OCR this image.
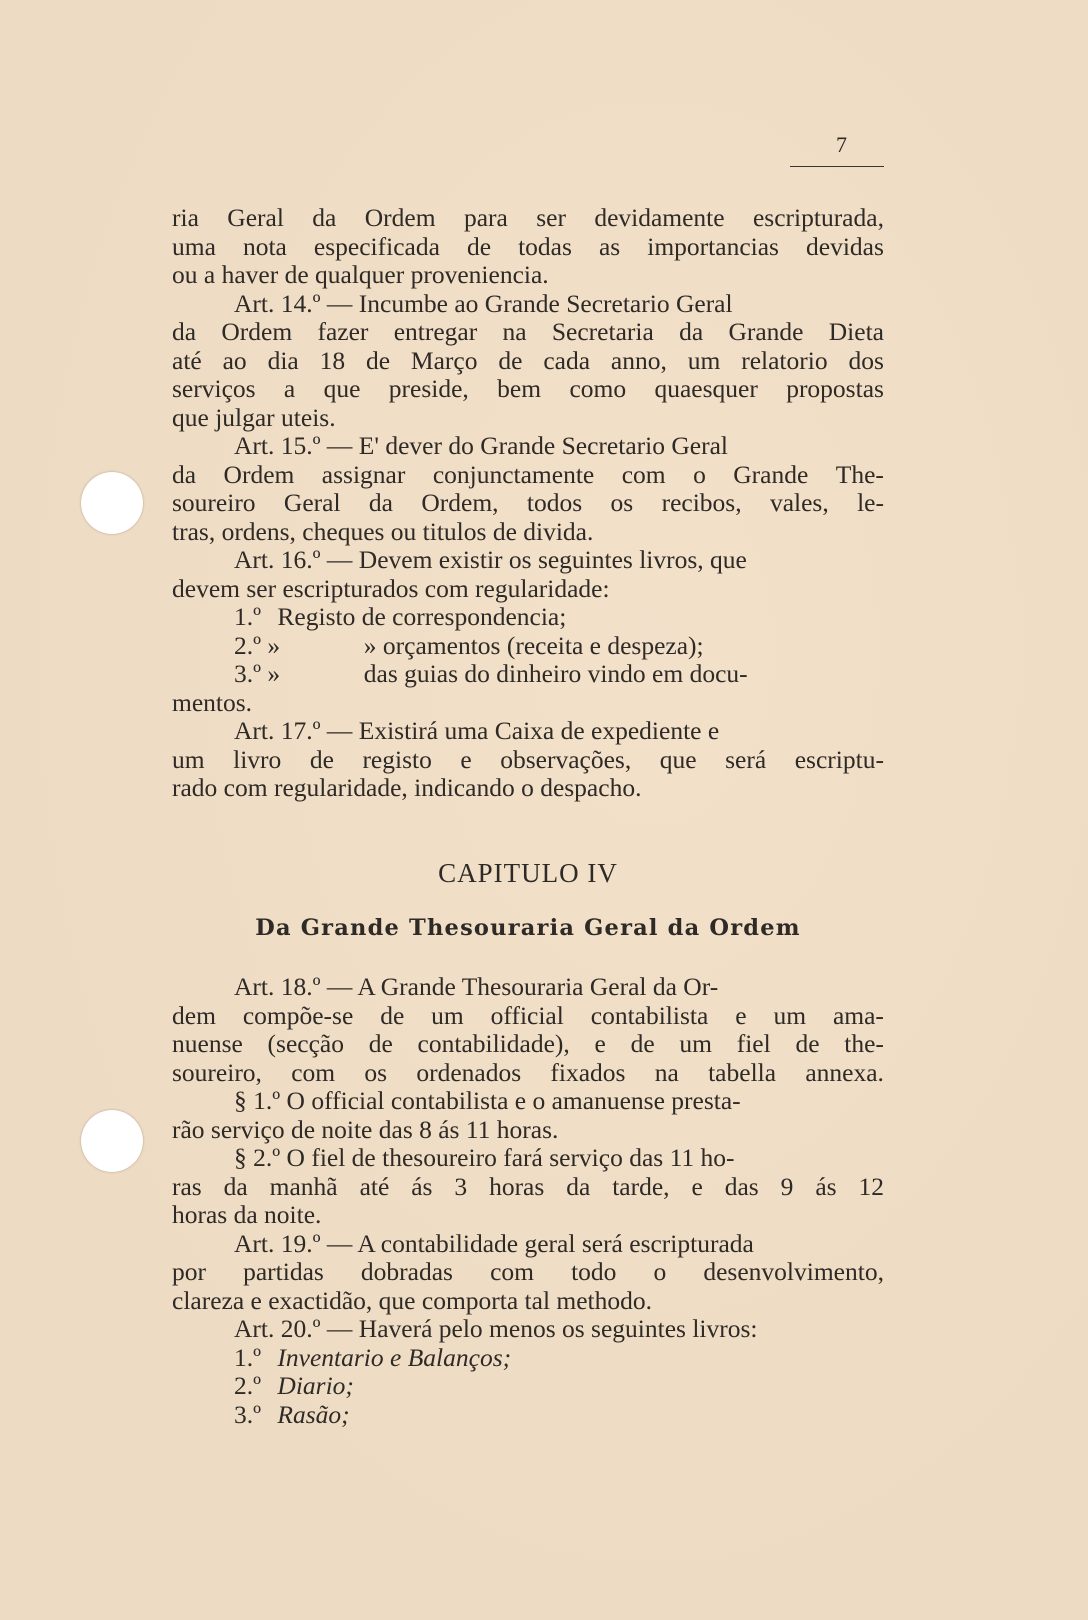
7
ria Geral da Ordem para ser devidamente escripturada,
uma nota especificada de todas as importancias devidas
ou a haver de qualquer proveniencia.
Art. 14.º — Incumbe ao Grande Secretario Geral
da Ordem fazer entregar na Secretaria da Grande Dieta
até ao dia 18 de Março de cada anno, um relatorio dos
serviços a que preside, bem como quaesquer propostas
que julgar uteis.
Art. 15.º — E' dever do Grande Secretario Geral
da Ordem assignar conjunctamente com o Grande The-
soureiro Geral da Ordem, todos os recibos, vales, le-
tras, ordens, cheques ou titulos de divida.
Art. 16.º — Devem existir os seguintes livros, que
devem ser escripturados com regularidade:
1.º Registo de correspondencia;
2.º »	» orçamentos (receita e despeza);
3.º »	das guias do dinheiro vindo em docu-
mentos.
Art. 17.º — Existirá uma Caixa de expediente e
um livro de registo e observações, que será escriptu-
rado com regularidade, indicando o despacho.
CAPITULO IV
Da Grande Thesouraria Geral da Ordem
Art. 18.º — A Grande Thesouraria Geral da Or-
dem compõe-se de um official contabilista e um ama-
nuense (secção de contabilidade), e de um fiel de the-
soureiro, com os ordenados fixados na tabella annexa.
§ 1.º O official contabilista e o amanuense presta-
rão serviço de noite das 8 ás 11 horas.
§ 2.º O fiel de thesoureiro fará serviço das 11 ho-
ras da manhã até ás 3 horas da tarde, e das 9 ás 12
horas da noite.
Art. 19.º — A contabilidade geral será escripturada
por partidas dobradas com todo o desenvolvimento,
clareza e exactidão, que comporta tal methodo.
Art. 20.º — Haverá pelo menos os seguintes livros:
1.º Inventario e Balanços;
2.º Diario;
3.º Rasão;
